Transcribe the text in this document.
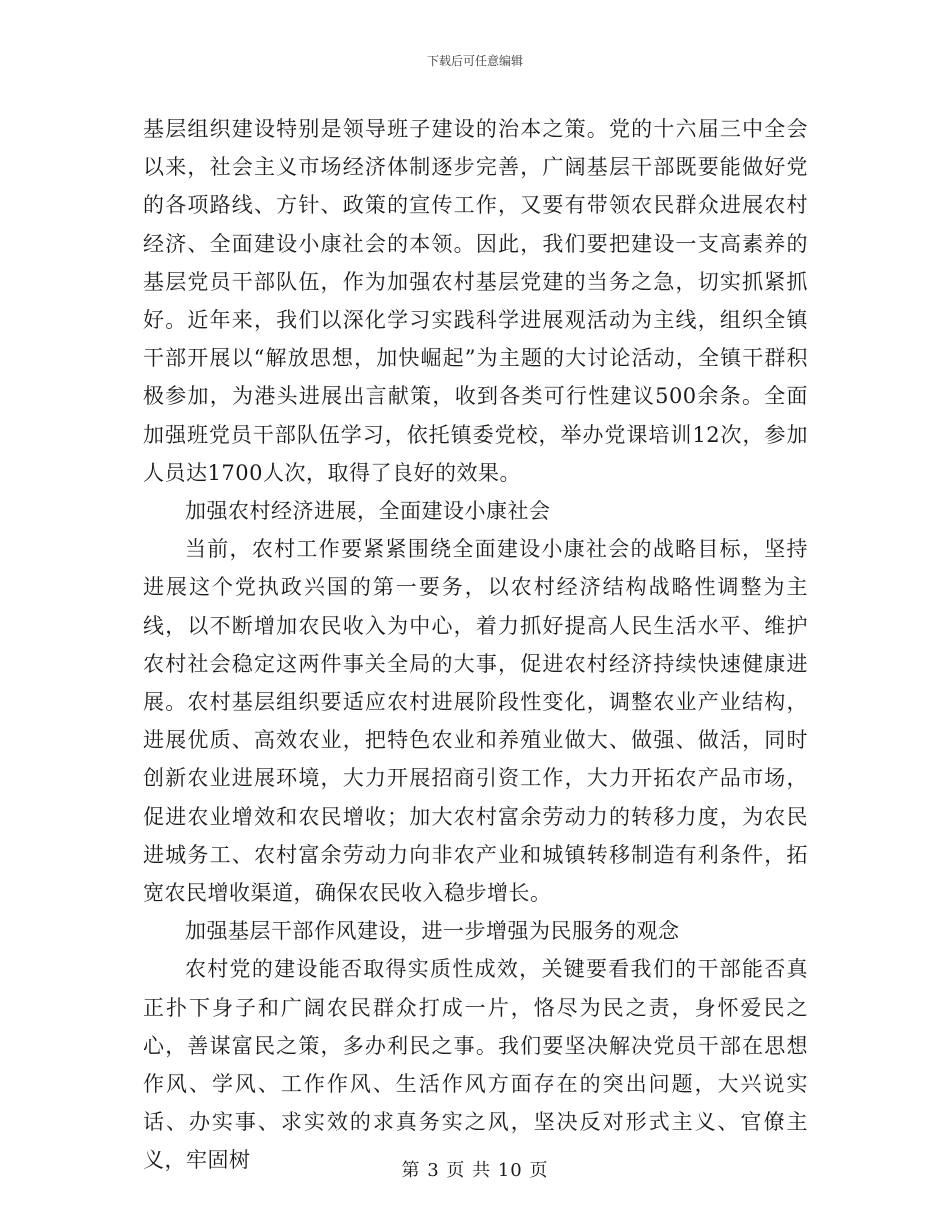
下载后可任意编辑

基层组织建设特别是领导班子建设的治本之策。党的十六届三中全会以来，社会主义市场经济体制逐步完善，广阔基层干部既要能做好党的各项路线、方针、政策的宣传工作，又要有带领农民群众进展农村经济、全面建设小康社会的本领。因此，我们要把建设一支高素养的基层党员干部队伍，作为加强农村基层党建的当务之急，切实抓紧抓好。近年来，我们以深化学习实践科学进展观活动为主线，组织全镇干部开展以“解放思想，加快崛起”为主题的大讨论活动，全镇干群积极参加，为港头进展出言献策，收到各类可行性建议500余条。全面加强班党员干部队伍学习，依托镇委党校，举办党课培训12次，参加人员达1700人次，取得了良好的效果。

加强农村经济进展，全面建设小康社会

当前，农村工作要紧紧围绕全面建设小康社会的战略目标，坚持进展这个党执政兴国的第一要务，以农村经济结构战略性调整为主线，以不断增加农民收入为中心，着力抓好提高人民生活水平、维护农村社会稳定这两件事关全局的大事，促进农村经济持续快速健康进展。农村基层组织要适应农村进展阶段性变化，调整农业产业结构，进展优质、高效农业，把特色农业和养殖业做大、做强、做活，同时创新农业进展环境，大力开展招商引资工作，大力开拓农产品市场，促进农业增效和农民增收；加大农村富余劳动力的转移力度，为农民进城务工、农村富余劳动力向非农产业和城镇转移制造有利条件，拓宽农民增收渠道，确保农民收入稳步增长。

加强基层干部作风建设，进一步增强为民服务的观念

农村党的建设能否取得实质性成效，关键要看我们的干部能否真正扑下身子和广阔农民群众打成一片，恪尽为民之责，身怀爱民之心，善谋富民之策，多办利民之事。我们要坚决解决党员干部在思想作风、学风、工作作风、生活作风方面存在的突出问题，大兴说实话、办实事、求实效的求真务实之风，坚决反对形式主义、官僚主义，牢固树	第 3 页 共 10 页
